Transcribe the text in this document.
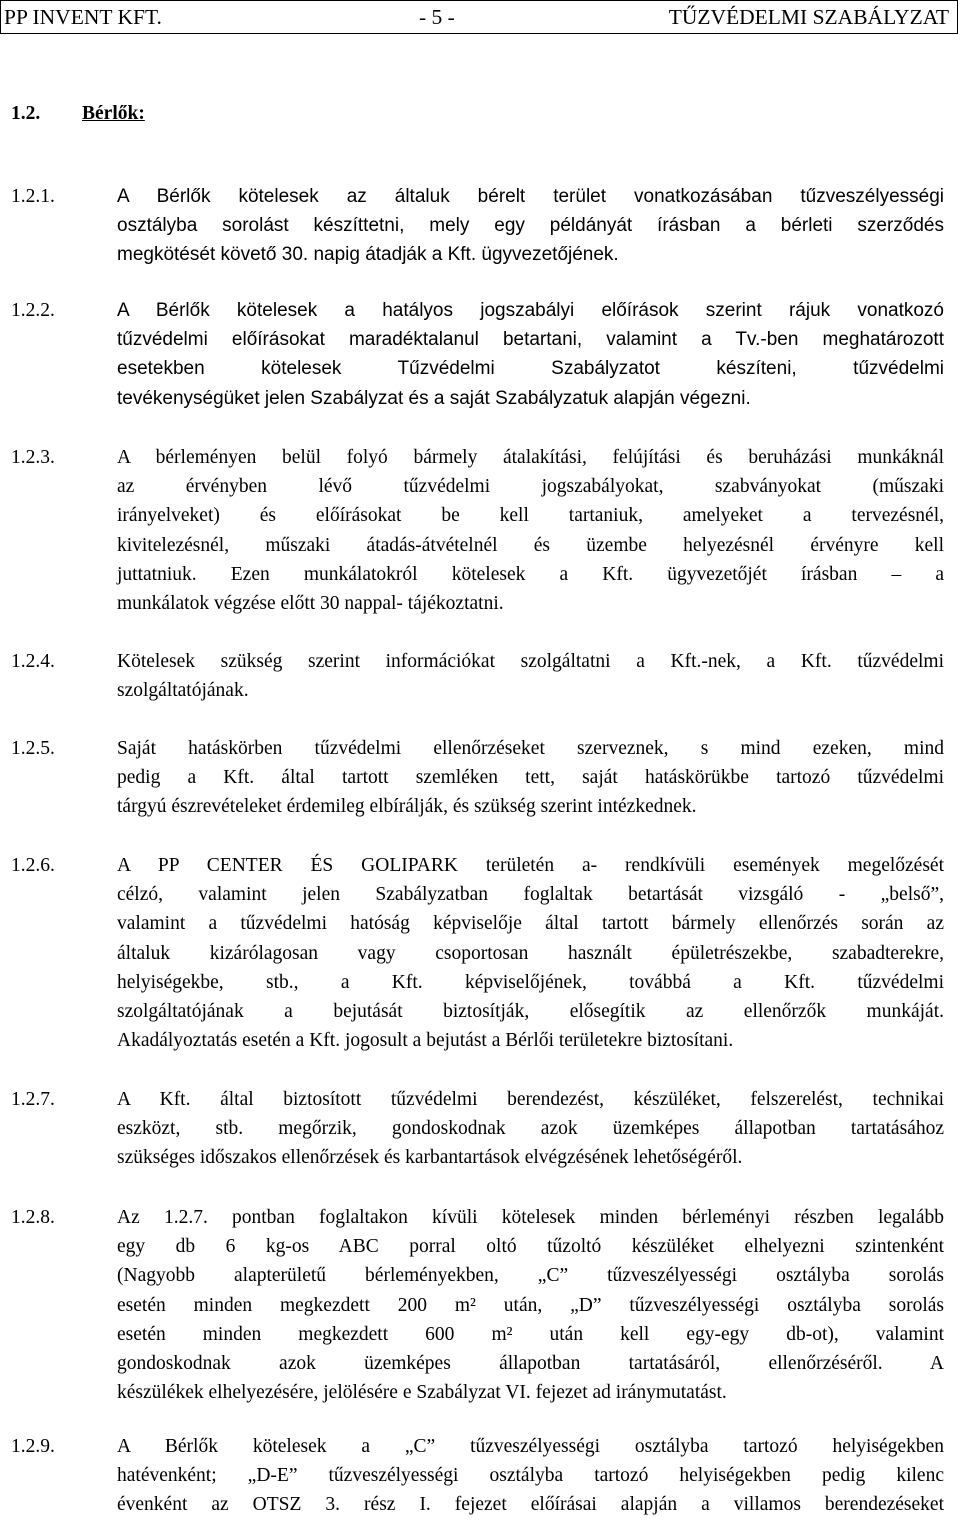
PP INVENT KFT.	- 5 -	TŰZVÉDELMI SZABÁLYZAT
1.2. Bérlők:
1.2.1.	A Bérlők kötelesek az általuk bérelt terület vonatkozásában tűzveszélyességi

osztályba sorolást készíttetni, mely egy példányát írásban a bérleti szerződés

megkötését követő 30. napig átadják a Kft. ügyvezetőjének.

1.2.2.	A Bérlők kötelesek a hatályos jogszabályi előírások szerint rájuk vonatkozó

tűzvédelmi előírásokat maradéktalanul betartani, valamint a Tv.-ben meghatározott

esetekben kötelesek Tűzvédelmi Szabályzatot készíteni, tűzvédelmi

tevékenységüket jelen Szabályzat és a saját Szabályzatuk alapján végezni.

1.2.3.	A bérleményen belül folyó bármely átalakítási, felújítási és beruházási munkáknál

az érvényben lévő tűzvédelmi jogszabályokat, szabványokat (műszaki

irányelveket) és előírásokat be kell tartaniuk, amelyeket a tervezésnél,

kivitelezésnél, műszaki átadás-átvételnél és üzembe helyezésnél érvényre kell

juttatniuk. Ezen munkálatokról kötelesek a Kft. ügyvezetőjét írásban – a

munkálatok végzése előtt 30 nappal- tájékoztatni.

1.2.4.	Kötelesek szükség szerint információkat szolgáltatni a Kft.-nek, a Kft. tűzvédelmi

szolgáltatójának.

1.2.5.	Saját hatáskörben tűzvédelmi ellenőrzéseket szerveznek, s mind ezeken, mind

pedig a Kft. által tartott szemléken tett, saját hatáskörükbe tartozó tűzvédelmi

tárgyú észrevételeket érdemileg elbírálják, és szükség szerint intézkednek.

1.2.6.	A PP CENTER ÉS GOLIPARK területén a- rendkívüli események megelőzését

célzó, valamint jelen Szabályzatban foglaltak betartását vizsgáló - „belső”,

valamint a tűzvédelmi hatóság képviselője által tartott bármely ellenőrzés során az

általuk kizárólagosan vagy csoportosan használt épületrészekbe, szabadterekre,

helyiségekbe, stb., a Kft. képviselőjének, továbbá a Kft. tűzvédelmi

szolgáltatójának a bejutását biztosítják, elősegítik az ellenőrzők munkáját.

Akadályoztatás esetén a Kft. jogosult a bejutást a Bérlői területekre biztosítani.

1.2.7.	A Kft. által biztosított tűzvédelmi berendezést, készüléket, felszerelést, technikai

eszközt, stb. megőrzik, gondoskodnak azok üzemképes állapotban tartatásához

szükséges időszakos ellenőrzések és karbantartások elvégzésének lehetőségéről.

1.2.8.	Az 1.2.7. pontban foglaltakon kívüli kötelesek minden bérleményi részben legalább

egy db 6 kg-os ABC porral oltó tűzoltó készüléket elhelyezni szintenként

(Nagyobb alapterületű bérleményekben, „C” tűzveszélyességi osztályba sorolás

esetén minden megkezdett 200 m² után, „D” tűzveszélyességi osztályba sorolás

esetén minden megkezdett 600 m² után kell egy-egy db-ot), valamint

gondoskodnak azok üzemképes állapotban tartatásáról, ellenőrzéséről. A

készülékek elhelyezésére, jelölésére e Szabályzat VI. fejezet ad iránymutatást.

1.2.9.	A Bérlők kötelesek a „C” tűzveszélyességi osztályba tartozó helyiségekben

hatévenként; „D-E” tűzveszélyességi osztályba tartozó helyiségekben pedig kilenc

évenként az OTSZ 3. rész I. fejezet előírásai alapján a villamos berendezéseket
